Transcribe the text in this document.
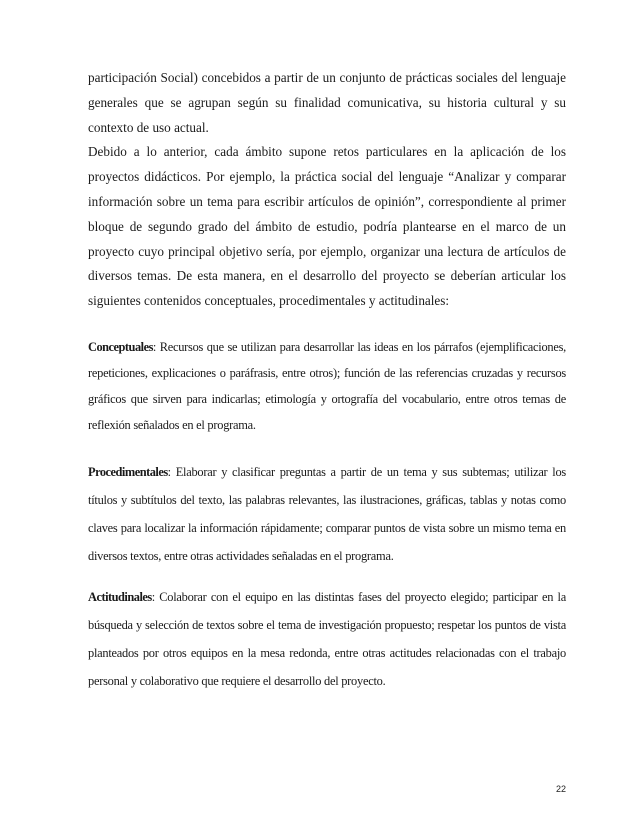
participación Social) concebidos a partir de un conjunto de prácticas sociales del lenguaje generales que se agrupan según su finalidad comunicativa, su historia cultural y su contexto de uso actual.

Debido a lo anterior, cada ámbito supone retos particulares en la aplicación de los proyectos didácticos. Por ejemplo, la práctica social del lenguaje “Analizar y comparar información sobre un tema para escribir artículos de opinión”, correspondiente al primer bloque de segundo grado del ámbito de estudio, podría plantearse en el marco de un proyecto cuyo principal objetivo sería, por ejemplo, organizar una lectura de artículos de diversos temas. De esta manera, en el desarrollo del proyecto se deberían articular los siguientes contenidos conceptuales, procedimentales y actitudinales:

Conceptuales: Recursos que se utilizan para desarrollar las ideas en los párrafos (ejemplificaciones, repeticiones, explicaciones o paráfrasis, entre otros); función de las referencias cruzadas y recursos gráficos que sirven para indicarlas; etimología y ortografía del vocabulario, entre otros temas de reflexión señalados en el programa.

Procedimentales: Elaborar y clasificar preguntas a partir de un tema y sus subtemas; utilizar los títulos y subtítulos del texto, las palabras relevantes, las ilustraciones, gráficas, tablas y notas como claves para localizar la información rápidamente; comparar puntos de vista sobre un mismo tema en diversos textos, entre otras actividades señaladas en el programa.

Actitudinales: Colaborar con el equipo en las distintas fases del proyecto elegido; participar en la búsqueda y selección de textos sobre el tema de investigación propuesto; respetar los puntos de vista planteados por otros equipos en la mesa redonda, entre otras actitudes relacionadas con el trabajo personal y colaborativo que requiere el desarrollo del proyecto.

22
